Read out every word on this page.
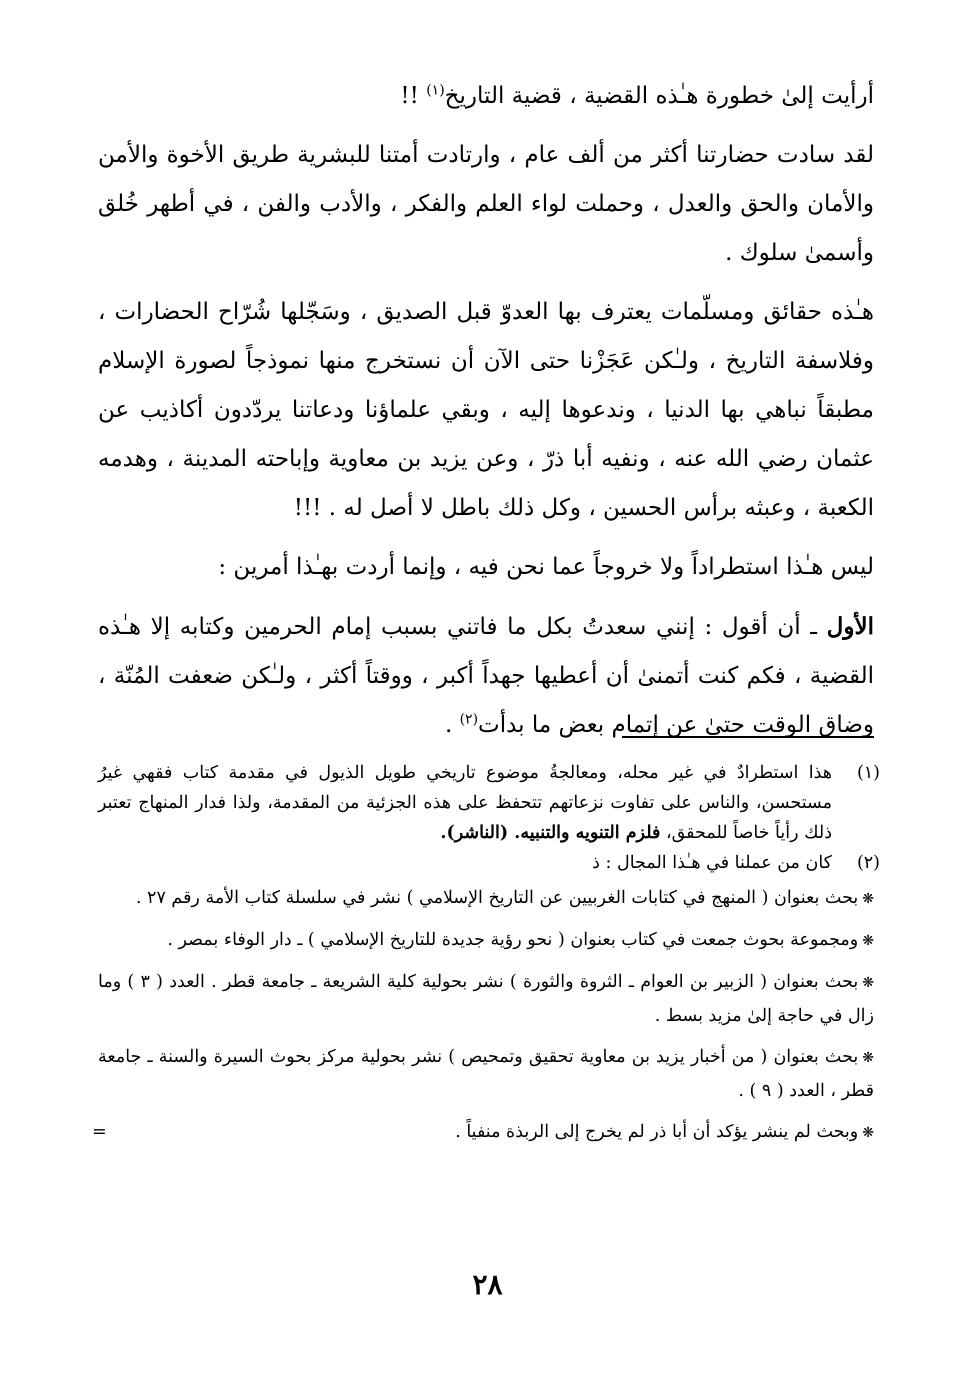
أرأيت إلىٰ خطورة هـٰذه القضية ، قضية التاريخ$^{(١)}$ !!

لقد سادت حضارتنا أكثر من ألف عام ، وارتادت أمتنا للبشرية طريق الأخوة والأمن والأمان والحق والعدل ، وحملت لواء العلم والفكر ، والأدب والفن ، في أطهر خُلق وأسمىٰ سلوك .

هـٰذه حقائق ومسلّمات يعترف بها العدوّ قبل الصديق ، وسَجّلها شُرّاح الحضارات ، وفلاسفة التاريخ ، ولـٰكن عَجَزْنا حتى الآن أن نستخرج منها نموذجاً لصورة الإسلام مطبقاً نباهي بها الدنيا ، وندعوها إليه ، وبقي علماؤنا ودعاتنا يردّدون أكاذيب عن عثمان رضي الله عنه ، ونفيه أبا ذرّ ، وعن يزيد بن معاوية وإباحته المدينة ، وهدمه الكعبة ، وعبثه برأس الحسين ، وكل ذلك باطل لا أصل له . !!!

ليس هـٰذا استطراداً ولا خروجاً عما نحن فيه ، وإنما أردت بهـٰذا أمرين :

الأول ـ أن أقول : إنني سعدتُ بكل ما فاتني بسبب إمام الحرمين وكتابه إلا هـٰذه القضية ، فكم كنت أتمنىٰ أن أعطيها جهداً أكبر ، ووقتاً أكثر ، ولـٰكن ضعفت المُنّة ، وضاق الوقت حتىٰ عن إتمام بعض ما بدأت$^{(٢)}$ .

(١)
هذا استطرادٌ في غير محله، ومعالجةُ موضوع تاريخي طويل الذيول في مقدمة كتاب فقهي غيرُ مستحسن، والناس على تفاوت نزعاتهم تتحفظ على هذه الجزئية من المقدمة، ولذا فدار المنهاج تعتبر ذلك رأياً خاصاً للمحقق، فلزم التنويه والتنبيه. (الناشر).
(٢)
كان من عملنا في هـٰذا المجال : ذ

❋بحث بعنوان ( المنهج في كتابات الغربيين عن التاريخ الإسلامي ) نشر في سلسلة كتاب الأمة رقم ٢٧ .

❋ومجموعة بحوث جمعت في كتاب بعنوان ( نحو رؤية جديدة للتاريخ الإسلامي ) ـ دار الوفاء بمصر .

❋بحث بعنوان ( الزبير بن العوام ـ الثروة والثورة ) نشر بحولية كلية الشريعة ـ جامعة قطر . العدد ( ٣ ) وما زال في حاجة إلىٰ مزيد بسط .

❋بحث بعنوان ( من أخبار يزيد بن معاوية تحقيق وتمحيص ) نشر بحولية مركز بحوث السيرة والسنة ـ جامعة قطر ، العدد ( ٩ ) .

❋وبحث لم ينشر يؤكد أن أبا ذر لم يخرج إلى الربذة منفياً .
=

٢٨
